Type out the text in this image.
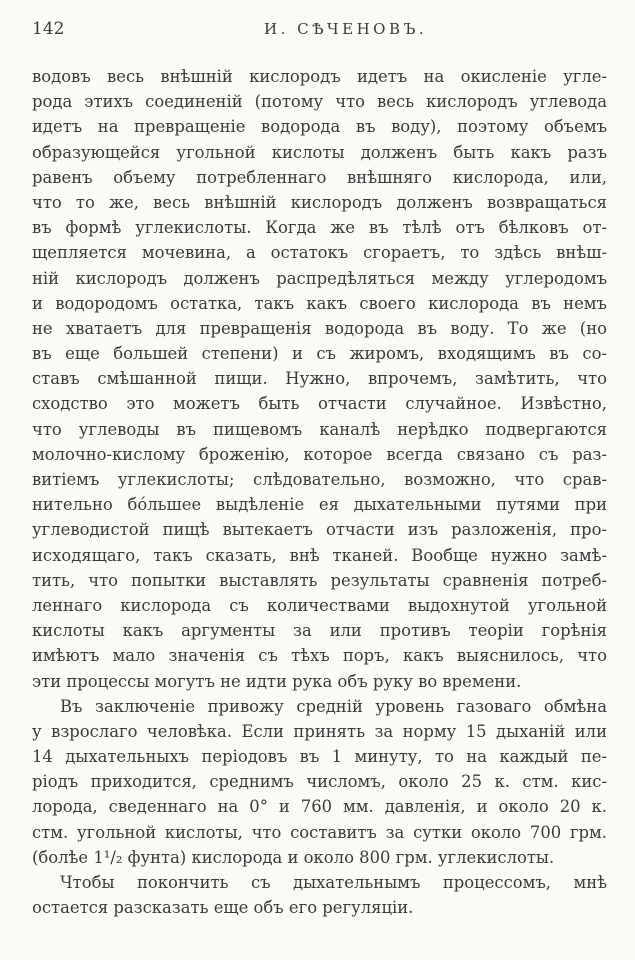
142	И. СѢЧЕНОВЪ.
водовъ весь внѣшній кислородъ идетъ на окисленіе угле-
рода этихъ соединеній (потому что весь кислородъ углевода
идетъ на превращеніе водорода въ воду), поэтому объемъ
образующейся угольной кислоты долженъ быть какъ разъ
равенъ объему потребленнаго внѣшняго кислорода, или,
что то же, весь внѣшній кислородъ долженъ возвращаться
въ формѣ углекислоты. Когда же въ тѣлѣ отъ бѣлковъ от-
щепляется мочевина, а остатокъ сгораетъ, то здѣсь внѣш-
ній кислородъ долженъ распредѣляться между углеродомъ
и водородомъ остатка, такъ какъ своего кислорода въ немъ
не хватаетъ для превращенія водорода въ воду. То же (но
въ еще большей степени) и съ жиромъ, входящимъ въ со-
ставъ смѣшанной пищи. Нужно, впрочемъ, замѣтить, что
сходство это можетъ быть отчасти случайное. Извѣстно,
что углеводы въ пищевомъ каналѣ нерѣдко подвергаются
молочно-кислому броженію, которое всегда связано съ раз-
витіемъ углекислоты; слѣдовательно, возможно, что срав-
нительно бо́льшее выдѣленіе ея дыхательными путями при
углеводистой пищѣ вытекаетъ отчасти изъ разложенія, про-
исходящаго, такъ сказать, внѣ тканей. Вообще нужно замѣ-
тить, что попытки выставлять результаты сравненія потреб-
леннаго кислорода съ количествами выдохнутой угольной
кислоты какъ аргументы за или противъ теоріи горѣнія
имѣютъ мало значенія съ тѣхъ поръ, какъ выяснилось, что
эти процессы могутъ не идти рука объ руку во времени.
Въ заключеніе привожу средній уровень газоваго обмѣна
у взрослаго человѣка. Если принять за норму 15 дыханій или
14 дыхательныхъ періодовъ въ 1 минуту, то на каждый пе-
ріодъ приходится, среднимъ числомъ, около 25 к. стм. кис-
лорода, сведеннаго на 0° и 760 мм. давленія, и около 20 к.
стм. угольной кислоты, что составитъ за сутки около 700 грм.
(болѣе 1¹/₂ фунта) кислорода и около 800 грм. углекислоты.
Чтобы покончить съ дыхательнымъ процессомъ, мнѣ
остается разсказать еще объ его регуляціи.
